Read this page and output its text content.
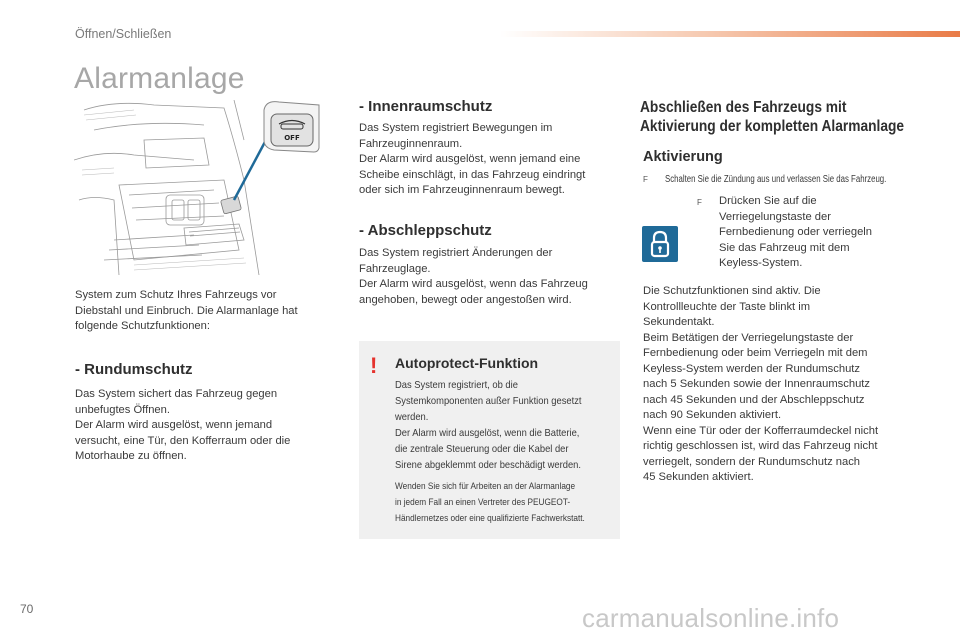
Öffnen/Schließen
Alarmanlage
OFF

System zum Schutz Ihres Fahrzeugs vor

Diebstahl und Einbruch. Die Alarmanlage hat

folgende Schutzfunktionen:

- Rundumschutz

Das System sichert das Fahrzeug gegen

unbefugtes Öffnen.

Der Alarm wird ausgelöst, wenn jemand

versucht, eine Tür, den Kofferraum oder die

Motorhaube zu öffnen.

- Innenraumschutz

Das System registriert Bewegungen im

Fahrzeuginnenraum.

Der Alarm wird ausgelöst, wenn jemand eine

Scheibe einschlägt, in das Fahrzeug eindringt

oder sich im Fahrzeuginnenraum bewegt.

- Abschleppschutz

Das System registriert Änderungen der

Fahrzeuglage.

Der Alarm wird ausgelöst, wenn das Fahrzeug

angehoben, bewegt oder angestoßen wird.

! Autoprotect-Funktion

Das System registriert, ob die

Systemkomponenten außer Funktion gesetzt

werden.

Der Alarm wird ausgelöst, wenn die Batterie,

die zentrale Steuerung oder die Kabel der

Sirene abgeklemmt oder beschädigt werden.

Wenden Sie sich für Arbeiten an der Alarmanlage

in jedem Fall an einen Vertreter des PEUGEOT-

Händlernetzes oder eine qualifizierte Fachwerkstatt.

Abschließen des Fahrzeugs mit

Aktivierung der kompletten Alarmanlage

Aktivierung
F Schalten Sie die Zündung aus und verlassen Sie das Fahrzeug.
F Drücken Sie auf die

Verriegelungstaste der

Fernbedienung oder verriegeln

Sie das Fahrzeug mit dem

Keyless-System.

Die Schutzfunktionen sind aktiv. Die

Kontrollleuchte der Taste blinkt im

Sekundentakt.

Beim Betätigen der Verriegelungstaste der

Fernbedienung oder beim Verriegeln mit dem

Keyless-System werden der Rundumschutz

nach 5 Sekunden sowie der Innenraumschutz

nach 45 Sekunden und der Abschleppschutz

nach 90 Sekunden aktiviert.

Wenn eine Tür oder der Kofferraumdeckel nicht

richtig geschlossen ist, wird das Fahrzeug nicht

verriegelt, sondern der Rundumschutz nach

45 Sekunden aktiviert.

70	carmanualsonline.info
